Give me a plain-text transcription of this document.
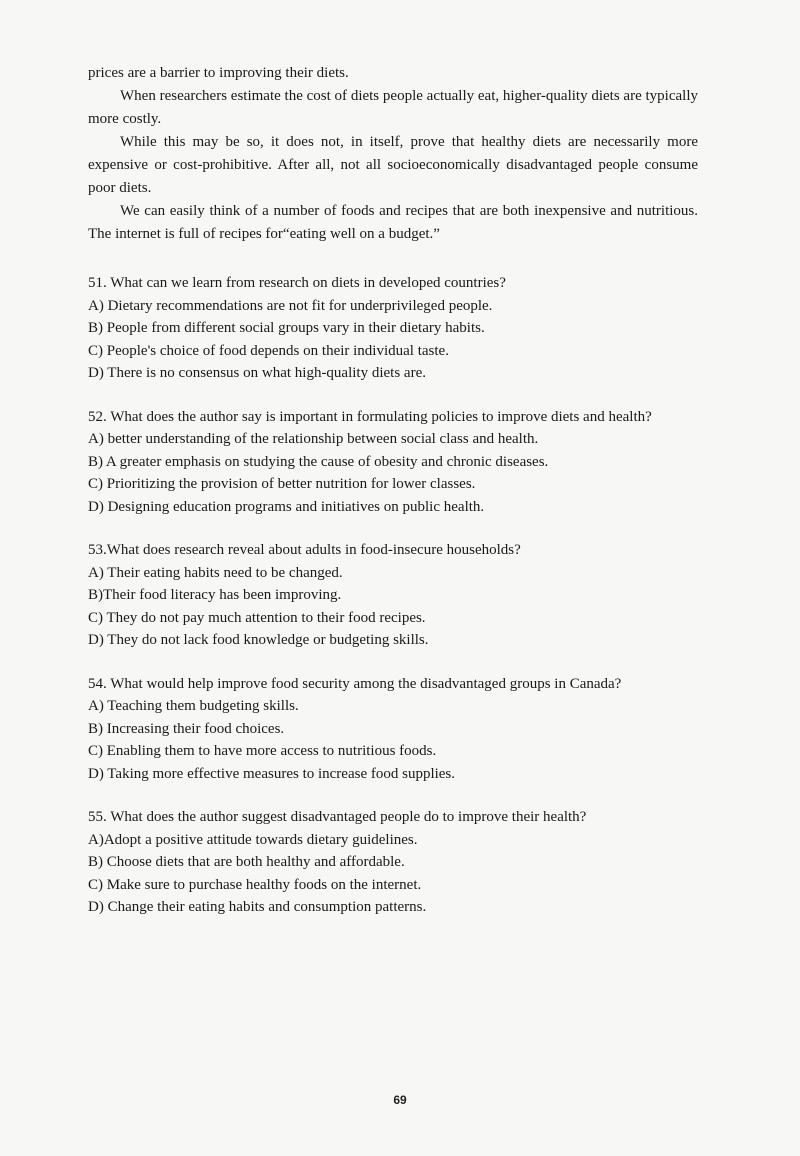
prices are a barrier to improving their diets.
When researchers estimate the cost of diets people actually eat, higher-quality diets are typically more costly.
While this may be so, it does not, in itself, prove that healthy diets are necessarily more expensive or cost-prohibitive. After all, not all socioeconomically disadvantaged people consume poor diets.
We can easily think of a number of foods and recipes that are both inexpensive and nutritious. The internet is full of recipes for“eating well on a budget.”
51. What can we learn from research on diets in developed countries?
A) Dietary recommendations are not fit for underprivileged people.
B) People from different social groups vary in their dietary habits.
C) People's choice of food depends on their individual taste.
D) There is no consensus on what high-quality diets are.
52. What does the author say is important in formulating policies to improve diets and health?
A) better understanding of the relationship between social class and health.
B) A greater emphasis on studying the cause of obesity and chronic diseases.
C) Prioritizing the provision of better nutrition for lower classes.
D) Designing education programs and initiatives on public health.
53.What does research reveal about adults in food-insecure households?
A) Their eating habits need to be changed.
B)Their food literacy has been improving.
C) They do not pay much attention to their food recipes.
D) They do not lack food knowledge or budgeting skills.
54. What would help improve food security among the disadvantaged groups in Canada?
A) Teaching them budgeting skills.
B) Increasing their food choices.
C) Enabling them to have more access to nutritious foods.
D) Taking more effective measures to increase food supplies.
55. What does the author suggest disadvantaged people do to improve their health?
A)Adopt a positive attitude towards dietary guidelines.
B) Choose diets that are both healthy and affordable.
C) Make sure to purchase healthy foods on the internet.
D) Change their eating habits and consumption patterns.
69
